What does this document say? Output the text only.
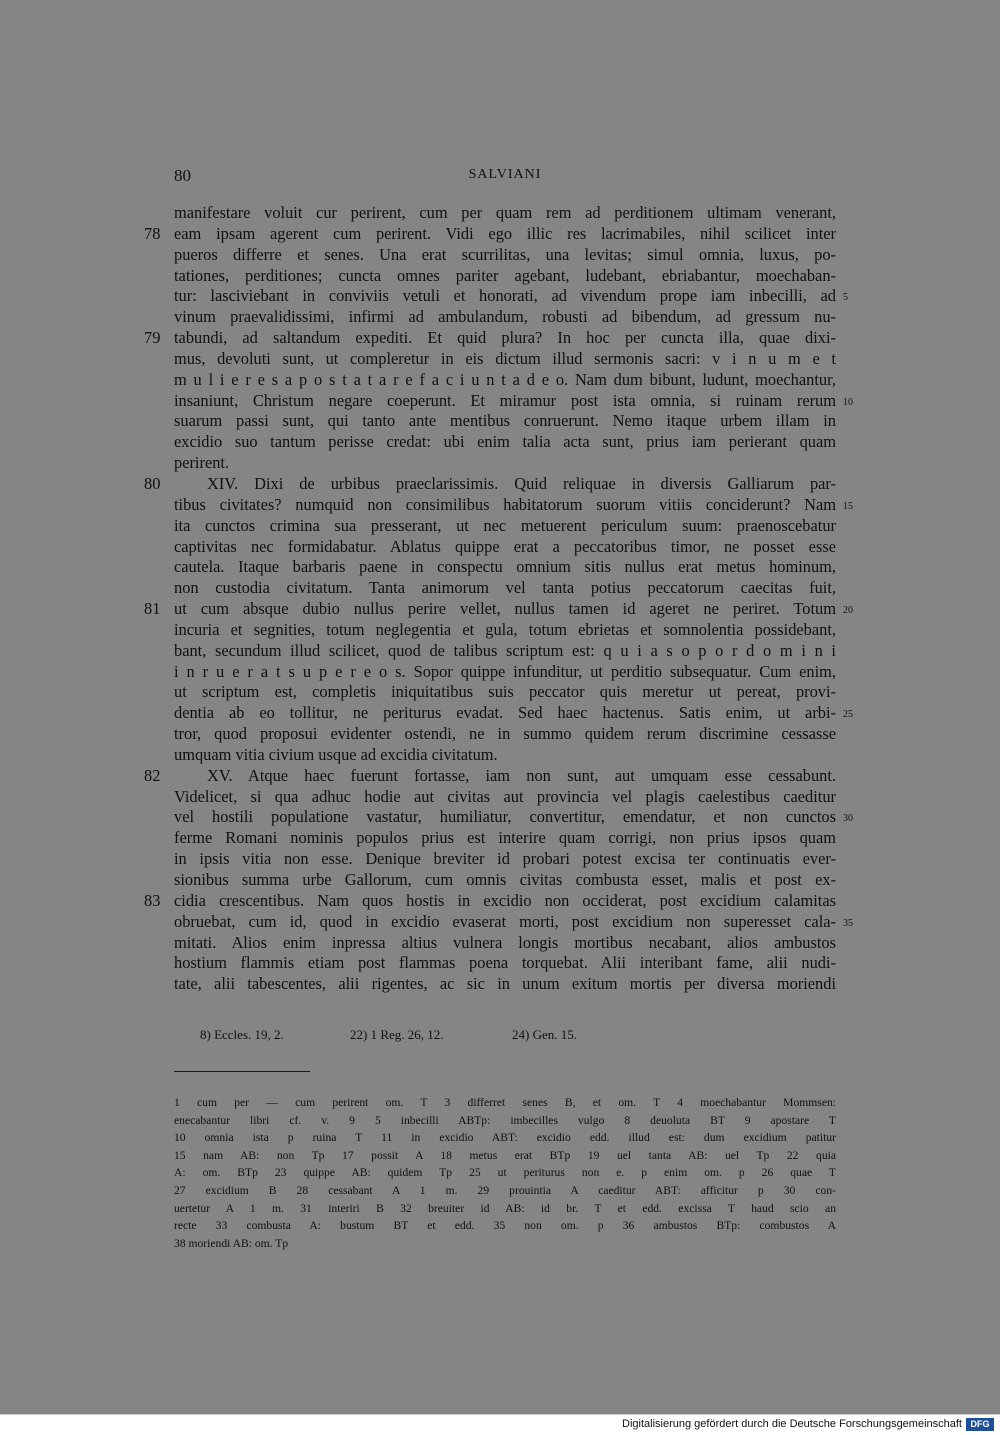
80	SALVIANI
manifestare voluit cur perirent, cum per quam rem ad perditionem ultimam venerant,
eam ipsam agerent cum perirent. Vidi ego illic res lacrimabiles, nihil scilicet inter
78
pueros differre et senes. Una erat scurrilitas, una levitas; simul omnia, luxus, po-
tationes, perditiones; cuncta omnes pariter agebant, ludebant, ebriabantur, moechaban-
tur: lasciviebant in conviviis vetuli et honorati, ad vivendum prope iam inbecilli, ad 5
vinum praevalidissimi, infirmi ad ambulandum, robusti ad bibendum, ad gressum nu-
tabundi, ad saltandum expediti. Et quid plura? In hoc per cuncta illa, quae dixi-
79
mus, devoluti sunt, ut compleretur in eis dictum illud sermonis sacri: v i n u m e t
m u l i e r e s a p o s t a t a r e f a c i u n t a d e o. Nam dum bibunt, ludunt, moechantur,
insaniunt, Christum negare coeperunt. Et miramur post ista omnia, si ruinam rerum 10
suarum passi sunt, qui tanto ante mentibus conruerunt. Nemo itaque urbem illam in
excidio suo tantum perisse credat: ubi enim talia acta sunt, prius iam perierant quam
perirent.
XIV. Dixi de urbibus praeclarissimis. Quid reliquae in diversis Galliarum par-
80
tibus civitates? numquid non consimilibus habitatorum suorum vitiis conciderunt? Nam 15
ita cunctos crimina sua presserant, ut nec metuerent periculum suum: praenoscebatur
captivitas nec formidabatur. Ablatus quippe erat a peccatoribus timor, ne posset esse
cautela. Itaque barbaris paene in conspectu omnium sitis nullus erat metus hominum,
non custodia civitatum. Tanta animorum vel tanta potius peccatorum caecitas fuit,
ut cum absque dubio nullus perire vellet, nullus tamen id ageret ne periret. Totum
81	20
incuria et segnities, totum neglegentia et gula, totum ebrietas et somnolentia possidebant,
bant, secundum illud scilicet, quod de talibus scriptum est: q u i a s o p o r d o m i n i
i n r u e r a t s u p e r e o s. Sopor quippe infunditur, ut perditio subsequatur. Cum enim,
ut scriptum est, completis iniquitatibus suis peccator quis meretur ut pereat, provi-
dentia ab eo tollitur, ne periturus evadat. Sed haec hactenus. Satis enim, ut arbi- 25
tror, quod proposui evidenter ostendi, ne in summo quidem rerum discrimine cessasse
umquam vitia civium usque ad excidia civitatum.
XV. Atque haec fuerunt fortasse, iam non sunt, aut umquam esse cessabunt.
82
Videlicet, si qua adhuc hodie aut civitas aut provincia vel plagis caelestibus caeditur
vel hostili populatione vastatur, humiliatur, convertitur, emendatur, et non cunctos 30
ferme Romani nominis populos prius est interire quam corrigi, non prius ipsos quam
in ipsis vitia non esse. Denique breviter id probari potest excisa ter continuatis ever-
sionibus summa urbe Gallorum, cum omnis civitas combusta esset, malis et post ex-
cidia crescentibus. Nam quos hostis in excidio non occiderat, post excidium calamitas
83
obruebat, cum id, quod in excidio evaserat morti, post excidium non superesset cala- 35
mitati. Alios enim inpressa altius vulnera longis mortibus necabant, alios ambustos
hostium flammis etiam post flammas poena torquebat. Alii interibant fame, alii nudi-
tate, alii tabescentes, alii rigentes, ac sic in unum exitum mortis per diversa moriendi
8) Eccles. 19, 2.	22) 1 Reg. 26, 12.	24) Gen. 15.
1 cum per — cum perirent om. T 3 differret senes B, et om. T 4 moechabantur Mommsen:
enecabantur libri cf. v. 9 5 inbecilli ABTp: imbecilles vulgo 8 deuoluta BT 9 apostare T
10 omnia ista p ruina T 11 in excidio ABT: excidio edd. illud est: dum excidium patitur
15 nam AB: non Tp 17 possit A 18 metus erat BTp 19 uel tanta AB: uel Tp 22 quia
A: om. BTp 23 quippe AB: quidem Tp 25 ut periturus non e. p enim om. p 26 quae T
27 excidium B 28 cessabant A 1 m. 29 prouintia A caeditur ABT: afficitur p 30 con-
uertetur A 1 m. 31 interiri B 32 breuiter id AB: id br. T et edd. excissa T haud scio an
recte 33 combusta A: bustum BT et edd. 35 non om. p 36 ambustos BTp: combustos A
38 moriendi AB: om. Tp
Digitalisierung gefördert durch die Deutsche Forschungsgemeinschaft DFG
